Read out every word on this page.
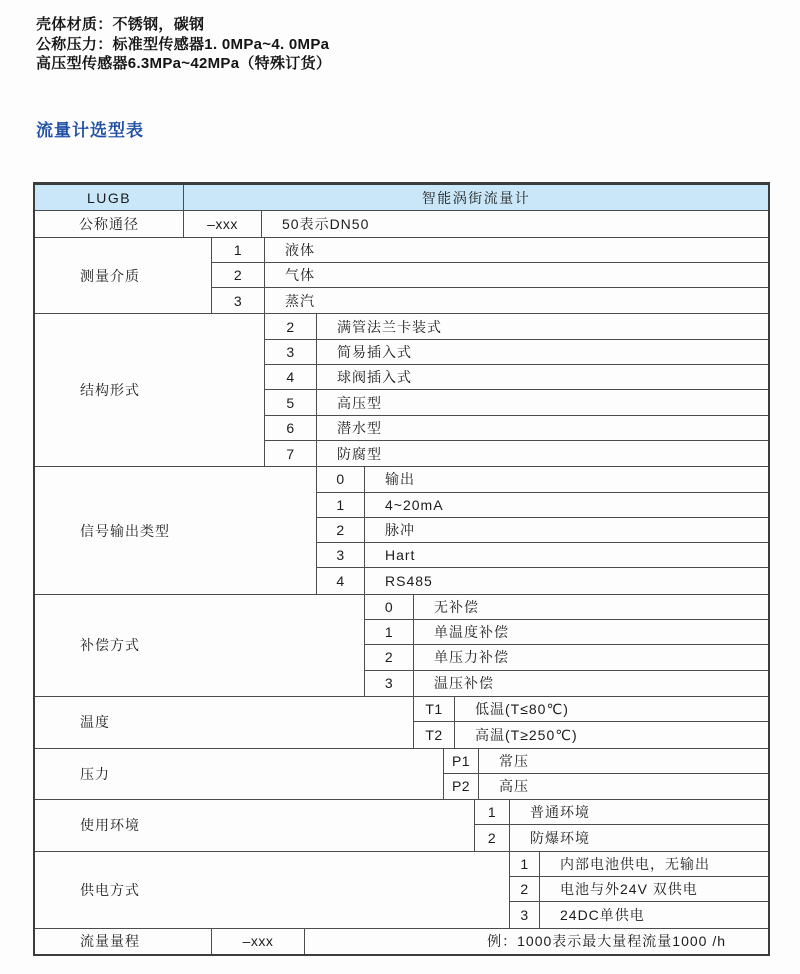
壳体材质：不锈钢，碳钢
公称压力：标准型传感器1. 0MPa~4. 0MPa
高压型传感器6.3MPa~42MPa（特殊订货）
流量计选型表
LUGB	智能涡街流量计
公称通径	–xxx	50表示DN50
测量介质
1	液体
2	气体
3	蒸汽
结构形式
2	满管法兰卡装式
3	简易插入式
4	球阀插入式
5	高压型
6	潜水型
7	防腐型
信号输出类型
0	输出
1	4~20mA
2	脉冲
3	Hart
4	RS485
补偿方式
0	无补偿
1	单温度补偿
2	单压力补偿
3	温压补偿
温度
T1	低温(T≤80℃)
T2	高温(T≥250℃)
压力
P1	常压
P2	高压
使用环境
1	普通环境
2	防爆环境
供电方式
1	内部电池供电，无输出
2	电池与外24V 双供电
3	24DC单供电
流量量程	–xxx	例：1000表示最大量程流量1000 /h
